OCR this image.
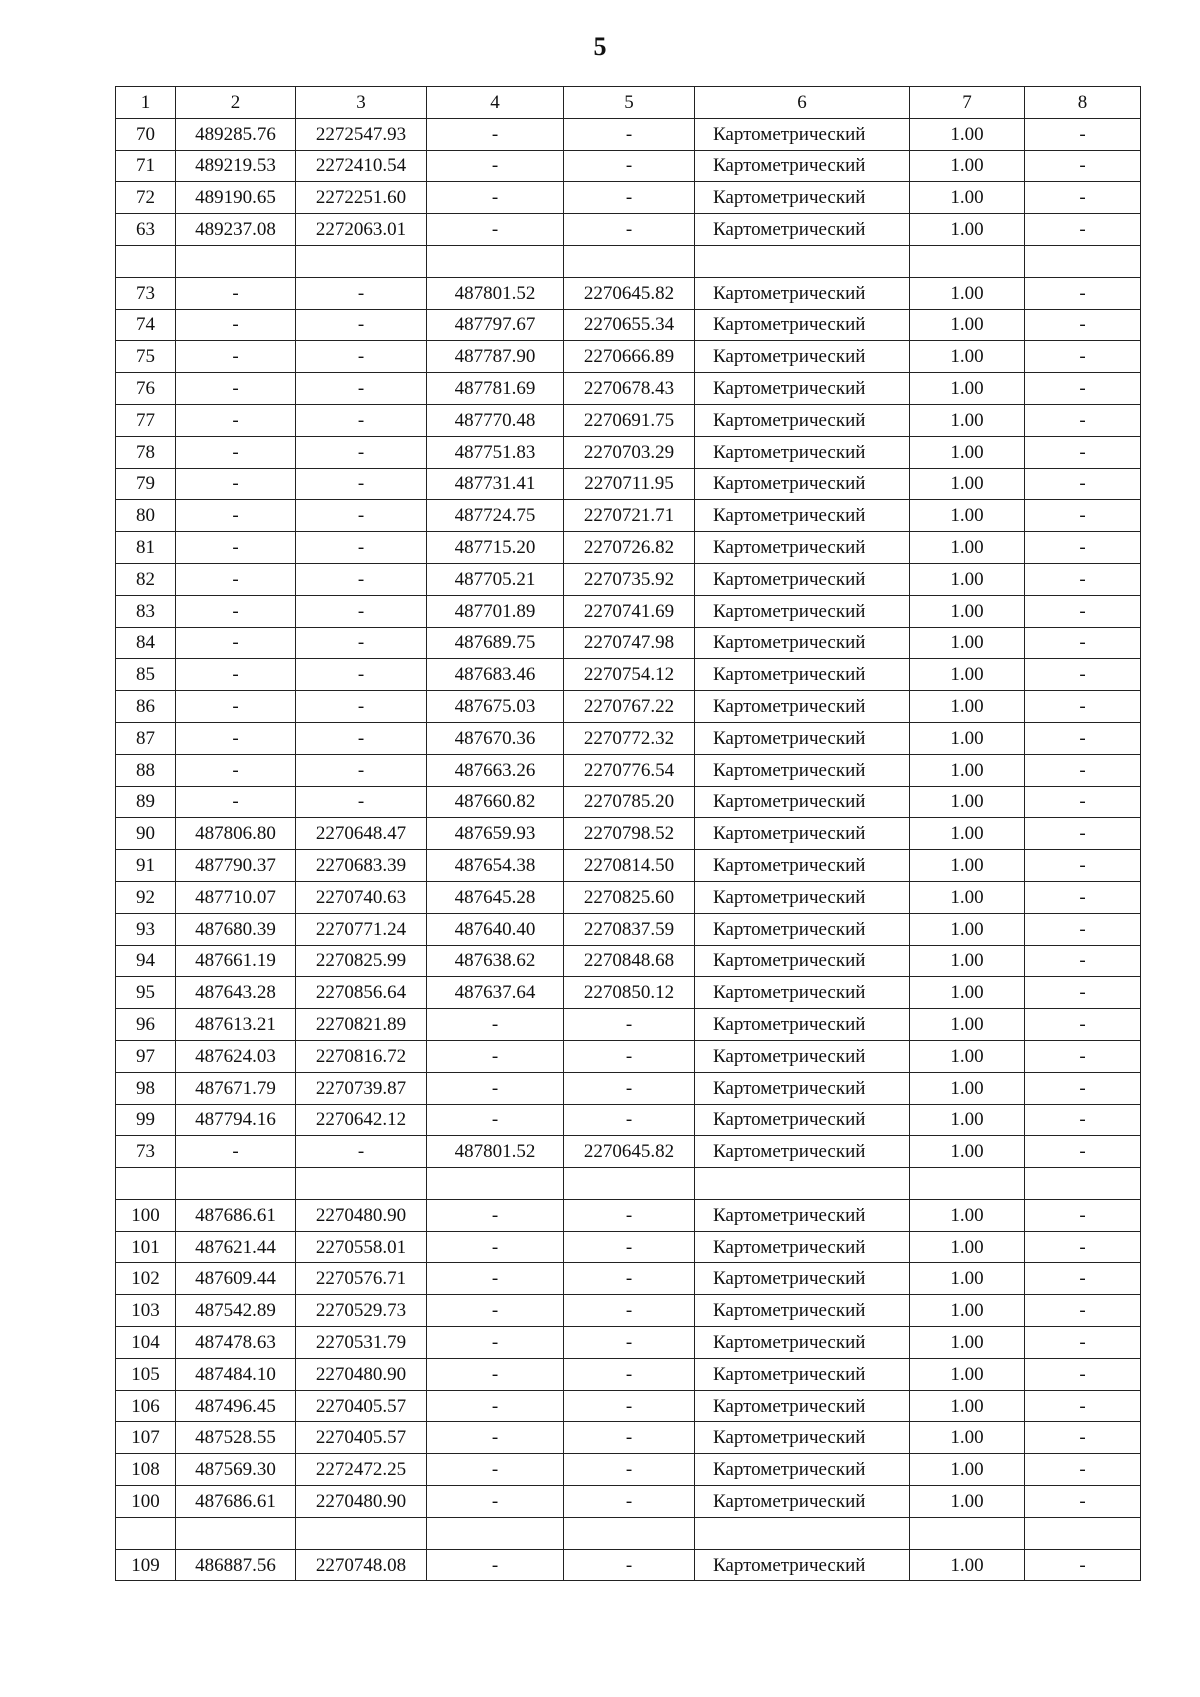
5
1	2	3	4	5	6	7	8
70	489285.76	2272547.93	-	-	Картометрический	1.00	-
71	489219.53	2272410.54	-	-	Картометрический	1.00	-
72	489190.65	2272251.60	-	-	Картометрический	1.00	-
63	489237.08	2272063.01	-	-	Картометрический	1.00	-

73	-	-	487801.52	2270645.82	Картометрический	1.00	-
74	-	-	487797.67	2270655.34	Картометрический	1.00	-
75	-	-	487787.90	2270666.89	Картометрический	1.00	-
76	-	-	487781.69	2270678.43	Картометрический	1.00	-
77	-	-	487770.48	2270691.75	Картометрический	1.00	-
78	-	-	487751.83	2270703.29	Картометрический	1.00	-
79	-	-	487731.41	2270711.95	Картометрический	1.00	-
80	-	-	487724.75	2270721.71	Картометрический	1.00	-
81	-	-	487715.20	2270726.82	Картометрический	1.00	-
82	-	-	487705.21	2270735.92	Картометрический	1.00	-
83	-	-	487701.89	2270741.69	Картометрический	1.00	-
84	-	-	487689.75	2270747.98	Картометрический	1.00	-
85	-	-	487683.46	2270754.12	Картометрический	1.00	-
86	-	-	487675.03	2270767.22	Картометрический	1.00	-
87	-	-	487670.36	2270772.32	Картометрический	1.00	-
88	-	-	487663.26	2270776.54	Картометрический	1.00	-
89	-	-	487660.82	2270785.20	Картометрический	1.00	-
90	487806.80	2270648.47	487659.93	2270798.52	Картометрический	1.00	-
91	487790.37	2270683.39	487654.38	2270814.50	Картометрический	1.00	-
92	487710.07	2270740.63	487645.28	2270825.60	Картометрический	1.00	-
93	487680.39	2270771.24	487640.40	2270837.59	Картометрический	1.00	-
94	487661.19	2270825.99	487638.62	2270848.68	Картометрический	1.00	-
95	487643.28	2270856.64	487637.64	2270850.12	Картометрический	1.00	-
96	487613.21	2270821.89	-	-	Картометрический	1.00	-
97	487624.03	2270816.72	-	-	Картометрический	1.00	-
98	487671.79	2270739.87	-	-	Картометрический	1.00	-
99	487794.16	2270642.12	-	-	Картометрический	1.00	-
73	-	-	487801.52	2270645.82	Картометрический	1.00	-

100	487686.61	2270480.90	-	-	Картометрический	1.00	-
101	487621.44	2270558.01	-	-	Картометрический	1.00	-
102	487609.44	2270576.71	-	-	Картометрический	1.00	-
103	487542.89	2270529.73	-	-	Картометрический	1.00	-
104	487478.63	2270531.79	-	-	Картометрический	1.00	-
105	487484.10	2270480.90	-	-	Картометрический	1.00	-
106	487496.45	2270405.57	-	-	Картометрический	1.00	-
107	487528.55	2270405.57	-	-	Картометрический	1.00	-
108	487569.30	2272472.25	-	-	Картометрический	1.00	-
100	487686.61	2270480.90	-	-	Картометрический	1.00	-

109	486887.56	2270748.08	-	-	Картометрический	1.00	-
